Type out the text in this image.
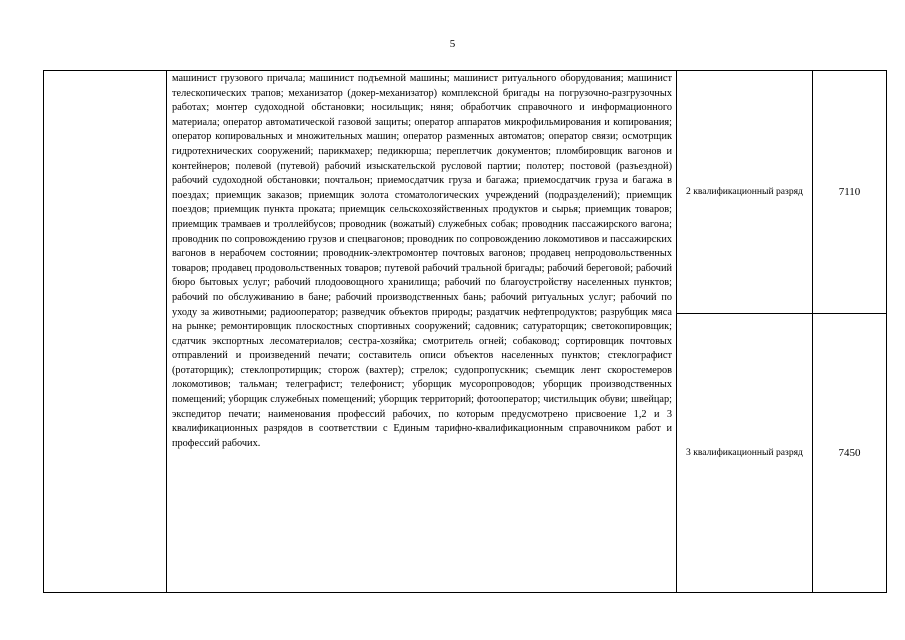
5

	машинист грузового причала; машинист подъемной машины; машинист ритуального оборудования; машинист телескопических трапов; механизатор (докер-механизатор) комплексной бригады на погрузочно-разгрузочных работах; монтер судоходной обстановки; носильщик; няня; обработчик справочного и информационного материала; оператор автоматической газовой защиты; оператор аппаратов микрофильмирования и копирования; оператор копировальных и множительных машин; оператор разменных автоматов; оператор связи; осмотрщик гидротехнических сооружений; парикмахер; педикюрша; переплетчик документов; пломбировщик вагонов и контейнеров; полевой (путевой) рабочий изыскательской русловой партии; полотер; постовой (разъездной) рабочий судоходной обстановки; почтальон; приемосдатчик груза и багажа; приемосдатчик груза и багажа в поездах; приемщик заказов; приемщик золота стоматологических учреждений (подразделений); приемщик поездов; приемщик пункта проката; приемщик сельскохозяйственных продуктов и сырья; приемщик товаров; приемщик трамваев и троллейбусов; проводник (вожатый) служебных собак; проводник пассажирского вагона; проводник по сопровождению грузов и спецвагонов; проводник по сопровождению локомотивов и пассажирских вагонов в нерабочем состоянии; проводник-электромонтер почтовых вагонов; продавец непродовольственных товаров; продавец продовольственных товаров; путевой рабочий тральной бригады; рабочий береговой; рабочий бюро бытовых услуг; рабочий плодоовощного хранилища; рабочий по благоустройству населенных пунктов; рабочий по обслуживанию в бане; рабочий производственных бань; рабочий ритуальных услуг; рабочий по уходу за животными; радиооператор; разведчик объектов природы; раздатчик нефтепродуктов; разрубщик мяса на рынке; ремонтировщик плоскостных спортивных сооружений; садовник; сатураторщик; светокопировщик; сдатчик экспортных лесоматериалов; сестра-хозяйка; смотритель огней; собаковод; сортировщик почтовых отправлений и произведений печати; составитель описи объектов населенных пунктов; стеклографист (ротаторщик); стеклопротирщик; сторож (вахтер); стрелок; судопропускник; съемщик лент скоростемеров локомотивов; тальман; телеграфист; телефонист; уборщик мусоропроводов; уборщик производственных помещений; уборщик служебных помещений; уборщик территорий; фотооператор; чистильщик обуви; швейцар; экспедитор печати; наименования профессий рабочих, по которым предусмотрено присвоение 1,2 и 3 квалификационных разрядов в соответствии с Единым тарифно-квалификационным справочником работ и профессий рабочих.	2 квалификационный разряд	7110
		3 квалификационный разряд	7450
